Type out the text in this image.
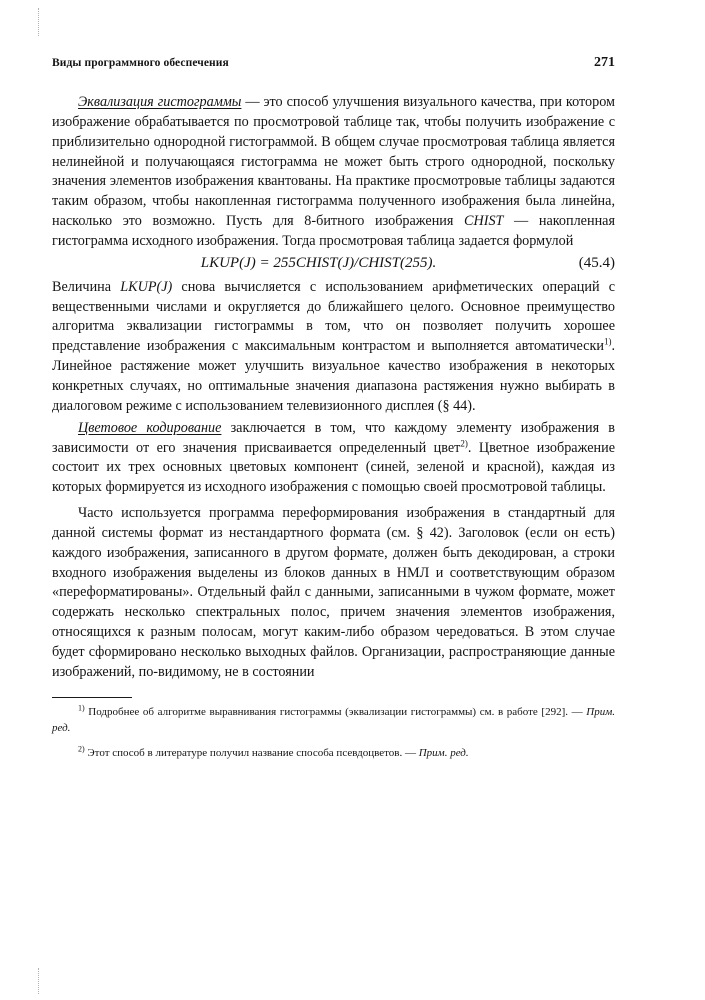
Виды программного обеспечения	271

Эквализация гистограммы — это способ улучшения визуального качества, при котором изображение обрабатывается по просмотровой таблице так, чтобы получить изображение с приблизительно однородной гистограммой. В общем случае просмотровая таблица является нелинейной и получающаяся гистограмма не может быть строго однородной, поскольку значения элементов изображения квантованы. На практике просмотровые таблицы задаются таким образом, чтобы накопленная гистограмма полученного изображения была линейна, насколько это возможно. Пусть для 8-битного изображения CHIST — накопленная гистограмма исходного изображения. Тогда просмотровая таблица задается формулой

LKUP(J) = 255CHIST(J)/CHIST(255).	(45.4)

Величина LKUP(J) снова вычисляется с использованием арифметических операций с вещественными числами и округляется до ближайшего целого. Основное преимущество алгоритма эквализации гистограммы в том, что он позволяет получить хорошее представление изображения с максимальным контрастом и выполняется автоматически$^{1)}$. Линейное растяжение может улучшить визуальное качество изображения в некоторых конкретных случаях, но оптимальные значения диапазона растяжения нужно выбирать в диалоговом режиме с использованием телевизионного дисплея (§ 44).

Цветовое кодирование заключается в том, что каждому элементу изображения в зависимости от его значения присваивается определенный цвет$^{2)}$. Цветное изображение состоит их трех основных цветовых компонент (синей, зеленой и красной), каждая из которых формируется из исходного изображения с помощью своей просмотровой таблицы.

Часто используется программа переформирования изображения в стандартный для данной системы формат из нестандартного формата (см. § 42). Заголовок (если он есть) каждого изображения, записанного в другом формате, должен быть декодирован, а строки входного изображения выделены из блоков данных в НМЛ и соответствующим образом «переформатированы». Отдельный файл с данными, записанными в чужом формате, может содержать несколько спектральных полос, причем значения элементов изображения, относящихся к разным полосам, могут каким-либо образом чередоваться. В этом случае будет сформировано несколько выходных файлов. Организации, распространяющие данные изображений, по-видимому, не в состоянии

$^{1)}$ Подробнее об алгоритме выравнивания гистограммы (эквализации гистограммы) см. в работе [292]. — Прим. ред.

$^{2)}$ Этот способ в литературе получил название способа псевдоцветов. — Прим. ред.
